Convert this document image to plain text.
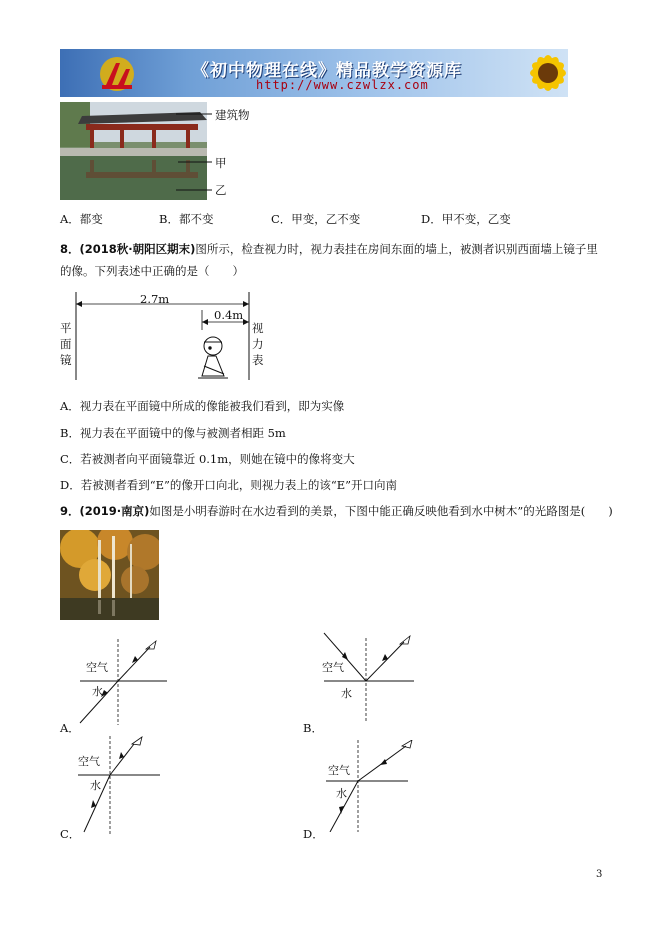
《初中物理在线》精品教学资源库
http://www.czwlzx.com
建筑物
甲
乙
A．都变	B．都不变	C．甲变，乙不变	D．甲不变，乙变
8．(2018秋·朝阳区期末)图所示，检查视力时，视力表挂在房间东面的墙上，被测者识别西面墙上镜子里
的像。下列表述中正确的是（　　）
2.7m
0.4m
平
面
镜
视
力
表
A．视力表在平面镜中所成的像能被我们看到，即为实像
B．视力表在平面镜中的像与被测者相距 5m
C．若被测者向平面镜靠近 0.1m，则她在镜中的像将变大
D．若被测者看到“E”的像开口向北，则视力表上的该“E”开口向南
9．(2019·南京)如图是小明春游时在水边看到的美景，下图中能正确反映他看到水中树木”的光路图是(　　)
空气
水
A．
空气
水
B．
空气
水
C．
空气
水
D．
3
